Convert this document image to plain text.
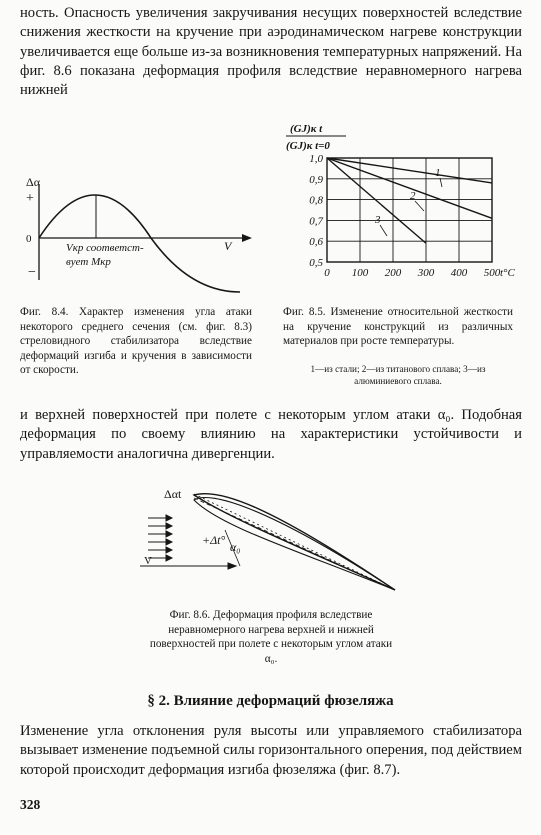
ность. Опасность увеличения закручивания несущих поверхностей вследствие снижения жесткости на кручение при аэродинамическом нагреве конструкции увеличивается еще больше из-за возникновения температурных напряжений. На фиг. 8.6 показана деформация профиля вследствие неравномерного нагрева нижней
Δα
+
0
−
V
Vкр соответст-
вует Mкр
0 100 200 300 400 500
1,0
0,9
0,8
0,7
0,6
0,5
t°C
(GJ)к t
(GJ)к t=0
1
2
3
Фиг. 8.4. Характер изменения угла атаки некоторого среднего сечения (см. фиг. 8.3) стреловидного стабилизатора вследствие деформаций изгиба и кручения в зависимости от скорости.
Фиг. 8.5. Изменение относительной жесткости на кручение конструкций из различных материалов при росте температуры.
1—из стали; 2—из титанового сплава; 3—из алюминиевого сплава.
и верхней поверхностей при полете с некоторым углом атаки α₀. Подобная деформация по своему влиянию на характеристики устойчивости и управляемости аналогична дивергенции.
Δαt
+Δt° α₀
V
Фиг. 8.6. Деформация профиля вследствие неравномерного нагрева верхней и нижней поверхностей при полете с некоторым углом атаки α₀.
§ 2. Влияние деформаций фюзеляжа
Изменение угла отклонения руля высоты или управляемого стабилизатора вызывает изменение подъемной силы горизонтального оперения, под действием которой происходит деформация изгиба фюзеляжа (фиг. 8.7).
328
